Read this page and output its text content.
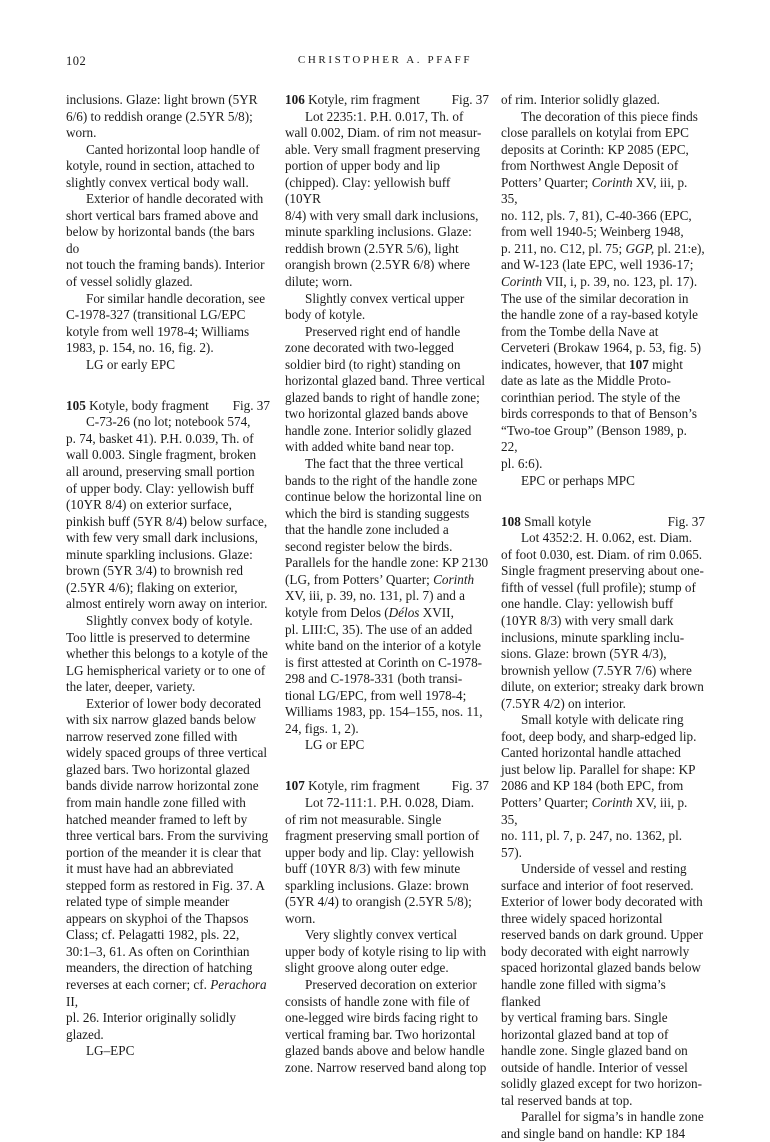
102	CHRISTOPHER A. PFAFF

inclusions. Glaze: light brown (5YR

6/6) to reddish orange (2.5YR 5/8);

worn.

Canted horizontal loop handle of

kotyle, round in section, attached to

slightly convex vertical body wall.

Exterior of handle decorated with

short vertical bars framed above and

below by horizontal bands (the bars do

not touch the framing bands). Interior

of vessel solidly glazed.

For similar handle decoration, see

C-1978-327 (transitional LG/EPC

kotyle from well 1978-4; Williams

1983, p. 154, no. 16, fig. 2).

LG or early EPC

105 Kotyle, body fragment Fig. 37

C-73-26 (no lot; notebook 574,

p. 74, basket 41). P.H. 0.039, Th. of

wall 0.003. Single fragment, broken

all around, preserving small portion

of upper body. Clay: yellowish buff

(10YR 8/4) on exterior surface,

pinkish buff (5YR 8/4) below surface,

with few very small dark inclusions,

minute sparkling inclusions. Glaze:

brown (5YR 3/4) to brownish red

(2.5YR 4/6); flaking on exterior,

almost entirely worn away on interior.

Slightly convex body of kotyle.

Too little is preserved to determine

whether this belongs to a kotyle of the

LG hemispherical variety or to one of

the later, deeper, variety.

Exterior of lower body decorated

with six narrow glazed bands below

narrow reserved zone filled with

widely spaced groups of three vertical

glazed bars. Two horizontal glazed

bands divide narrow horizontal zone

from main handle zone filled with

hatched meander framed to left by

three vertical bars. From the surviving

portion of the meander it is clear that

it must have had an abbreviated

stepped form as restored in Fig. 37. A

related type of simple meander

appears on skyphoi of the Thapsos

Class; cf. Pelagatti 1982, pls. 22,

30:1–3, 61. As often on Corinthian

meanders, the direction of hatching

reverses at each corner; cf. Perachora II,

pl. 26. Interior originally solidly

glazed.

LG–EPC

106 Kotyle, rim fragment Fig. 37

Lot 2235:1. P.H. 0.017, Th. of

wall 0.002, Diam. of rim not measur-

able. Very small fragment preserving

portion of upper body and lip

(chipped). Clay: yellowish buff (10YR

8/4) with very small dark inclusions,

minute sparkling inclusions. Glaze:

reddish brown (2.5YR 5/6), light

orangish brown (2.5YR 6/8) where

dilute; worn.

Slightly convex vertical upper

body of kotyle.

Preserved right end of handle

zone decorated with two-legged

soldier bird (to right) standing on

horizontal glazed band. Three vertical

glazed bands to right of handle zone;

two horizontal glazed bands above

handle zone. Interior solidly glazed

with added white band near top.

The fact that the three vertical

bands to the right of the handle zone

continue below the horizontal line on

which the bird is standing suggests

that the handle zone included a

second register below the birds.

Parallels for the handle zone: KP 2130

(LG, from Potters’ Quarter; Corinth

XV, iii, p. 39, no. 131, pl. 7) and a

kotyle from Delos (Délos XVII,

pl. LIII:C, 35). The use of an added

white band on the interior of a kotyle

is first attested at Corinth on C-1978-

298 and C-1978-331 (both transi-

tional LG/EPC, from well 1978-4;

Williams 1983, pp. 154–155, nos. 11,

24, figs. 1, 2).

LG or EPC

107 Kotyle, rim fragment Fig. 37

Lot 72-111:1. P.H. 0.028, Diam.

of rim not measurable. Single

fragment preserving small portion of

upper body and lip. Clay: yellowish

buff (10YR 8/3) with few minute

sparkling inclusions. Glaze: brown

(5YR 4/4) to orangish (2.5YR 5/8);

worn.

Very slightly convex vertical

upper body of kotyle rising to lip with

slight groove along outer edge.

Preserved decoration on exterior

consists of handle zone with file of

one-legged wire birds facing right to

vertical framing bar. Two horizontal

glazed bands above and below handle

zone. Narrow reserved band along top

of rim. Interior solidly glazed.

The decoration of this piece finds

close parallels on kotylai from EPC

deposits at Corinth: KP 2085 (EPC,

from Northwest Angle Deposit of

Potters’ Quarter; Corinth XV, iii, p. 35,

no. 112, pls. 7, 81), C-40-366 (EPC,

from well 1940-5; Weinberg 1948,

p. 211, no. C12, pl. 75; GGP, pl. 21:e),

and W-123 (late EPC, well 1936-17;

Corinth VII, i, p. 39, no. 123, pl. 17).

The use of the similar decoration in

the handle zone of a ray-based kotyle

from the Tombe della Nave at

Cerveteri (Brokaw 1964, p. 53, fig. 5)

indicates, however, that 107 might

date as late as the Middle Proto-

corinthian period. The style of the

birds corresponds to that of Benson’s

“Two-toe Group” (Benson 1989, p. 22,

pl. 6:6).

EPC or perhaps MPC

108 Small kotyle	Fig. 37

Lot 4352:2. H. 0.062, est. Diam.

of foot 0.030, est. Diam. of rim 0.065.

Single fragment preserving about one-

fifth of vessel (full profile); stump of

one handle. Clay: yellowish buff

(10YR 8/3) with very small dark

inclusions, minute sparkling inclu-

sions. Glaze: brown (5YR 4/3),

brownish yellow (7.5YR 7/6) where

dilute, on exterior; streaky dark brown

(7.5YR 4/2) on interior.

Small kotyle with delicate ring

foot, deep body, and sharp-edged lip.

Canted horizontal handle attached

just below lip. Parallel for shape: KP

2086 and KP 184 (both EPC, from

Potters’ Quarter; Corinth XV, iii, p. 35,

no. 111, pl. 7, p. 247, no. 1362, pl. 57).

Underside of vessel and resting

surface and interior of foot reserved.

Exterior of lower body decorated with

three widely spaced horizontal

reserved bands on dark ground. Upper

body decorated with eight narrowly

spaced horizontal glazed bands below

handle zone filled with sigma’s flanked

by vertical framing bars. Single

horizontal glazed band at top of

handle zone. Single glazed band on

outside of handle. Interior of vessel

solidly glazed except for two horizon-

tal reserved bands at top.

Parallel for sigma’s in handle zone

and single band on handle: KP 184
